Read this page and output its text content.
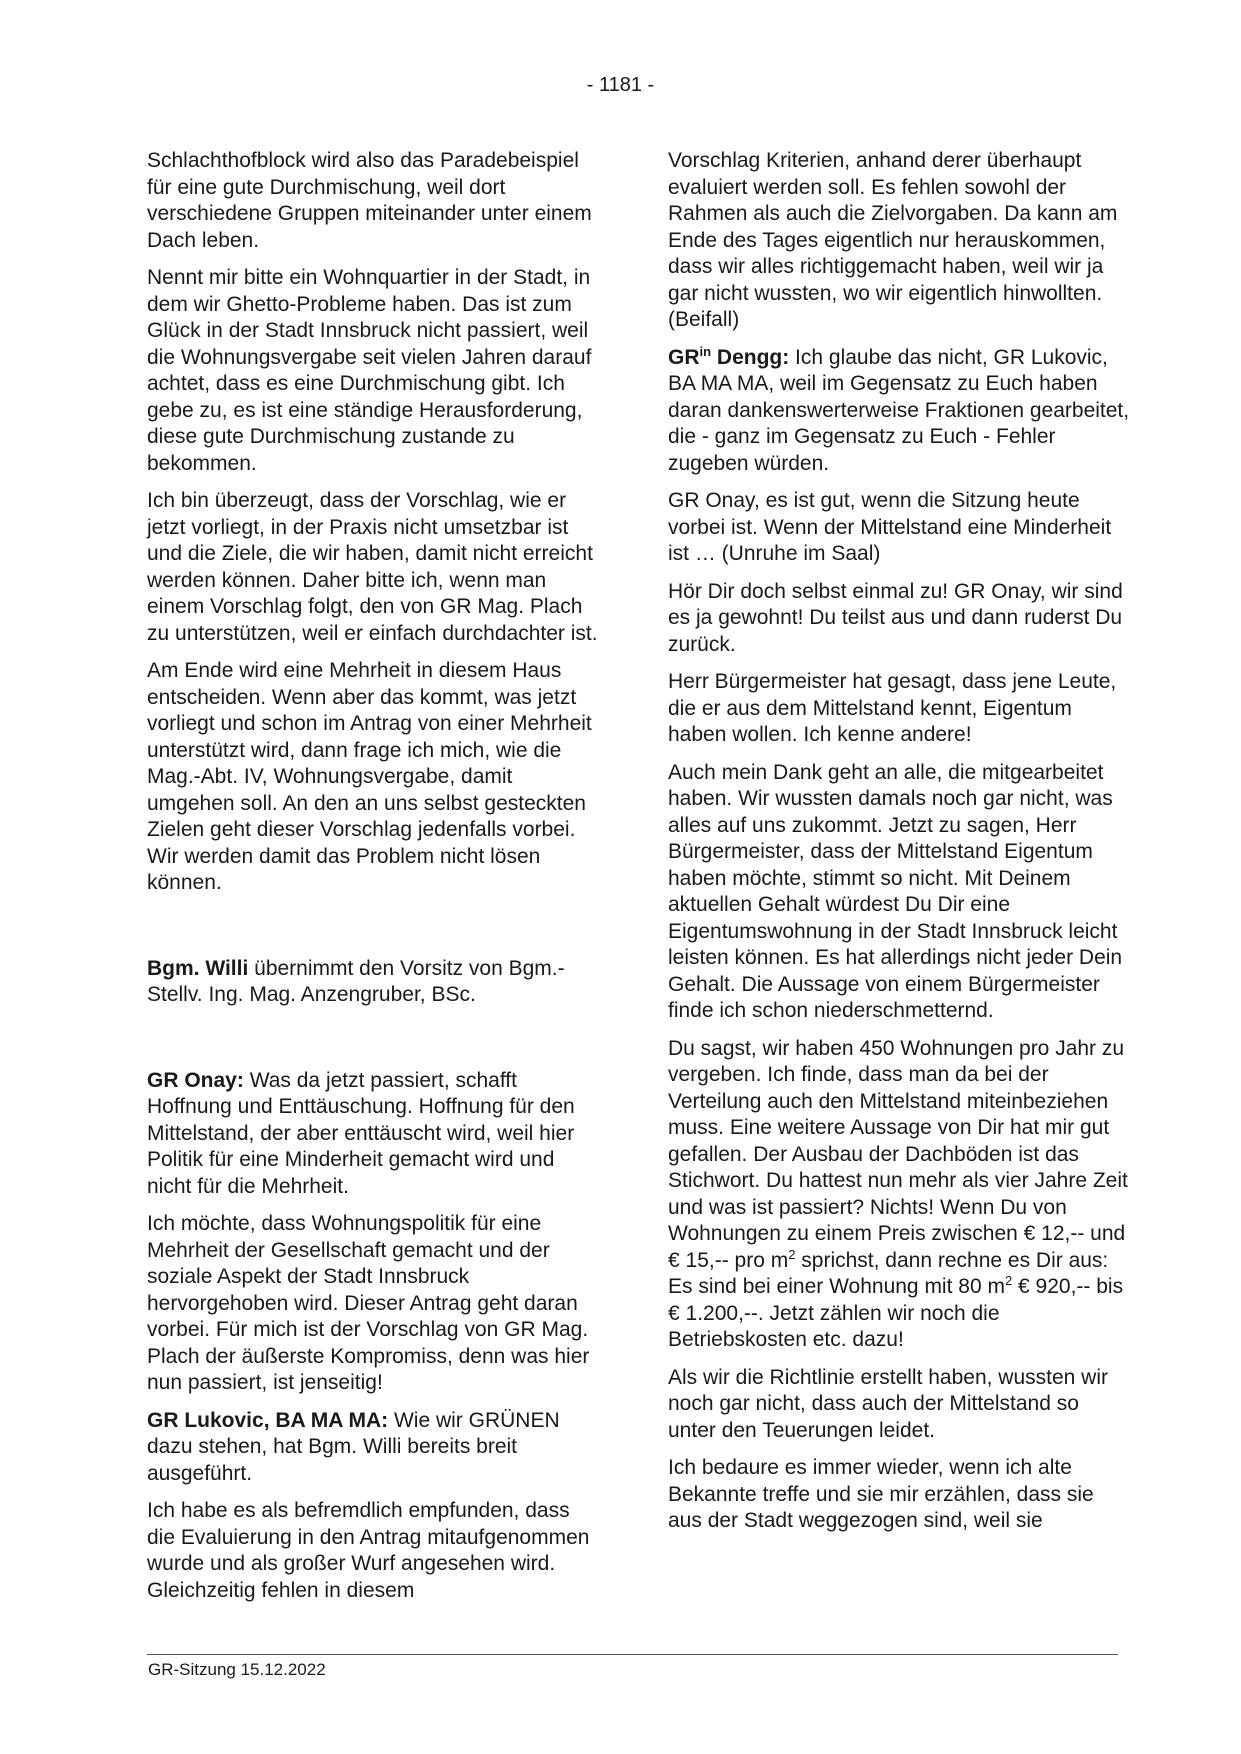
- 1181 -

Schlachthofblock wird also das Paradebeispiel für eine gute Durchmischung, weil dort verschiedene Gruppen miteinander unter einem Dach leben.

Nennt mir bitte ein Wohnquartier in der Stadt, in dem wir Ghetto-Probleme haben. Das ist zum Glück in der Stadt Innsbruck nicht passiert, weil die Wohnungsvergabe seit vielen Jahren darauf achtet, dass es eine Durchmischung gibt. Ich gebe zu, es ist eine ständige Herausforderung, diese gute Durchmischung zustande zu bekommen.

Ich bin überzeugt, dass der Vorschlag, wie er jetzt vorliegt, in der Praxis nicht umsetzbar ist und die Ziele, die wir haben, damit nicht erreicht werden können. Daher bitte ich, wenn man einem Vorschlag folgt, den von GR Mag. Plach zu unterstützen, weil er einfach durchdachter ist.

Am Ende wird eine Mehrheit in diesem Haus entscheiden. Wenn aber das kommt, was jetzt vorliegt und schon im Antrag von einer Mehrheit unterstützt wird, dann frage ich mich, wie die Mag.-Abt. IV, Wohnungsvergabe, damit umgehen soll. An den an uns selbst gesteckten Zielen geht dieser Vorschlag jedenfalls vorbei. Wir werden damit das Problem nicht lösen können.

Bgm. Willi übernimmt den Vorsitz von Bgm.-Stellv. Ing. Mag. Anzengruber, BSc.

GR Onay: Was da jetzt passiert, schafft Hoffnung und Enttäuschung. Hoffnung für den Mittelstand, der aber enttäuscht wird, weil hier Politik für eine Minderheit gemacht wird und nicht für die Mehrheit.

Ich möchte, dass Wohnungspolitik für eine Mehrheit der Gesellschaft gemacht und der soziale Aspekt der Stadt Innsbruck hervorgehoben wird. Dieser Antrag geht daran vorbei. Für mich ist der Vorschlag von GR Mag. Plach der äußerste Kompromiss, denn was hier nun passiert, ist jenseitig!

GR Lukovic, BA MA MA: Wie wir GRÜNEN dazu stehen, hat Bgm. Willi bereits breit ausgeführt.

Ich habe es als befremdlich empfunden, dass die Evaluierung in den Antrag mitaufgenommen wurde und als großer Wurf angesehen wird. Gleichzeitig fehlen in diesem

Vorschlag Kriterien, anhand derer überhaupt evaluiert werden soll. Es fehlen sowohl der Rahmen als auch die Zielvorgaben. Da kann am Ende des Tages eigentlich nur herauskommen, dass wir alles richtiggemacht haben, weil wir ja gar nicht wussten, wo wir eigentlich hinwollten. (Beifall)

$GR^{in}$ Dengg: Ich glaube das nicht, GR Lukovic, BA MA MA, weil im Gegensatz zu Euch haben daran dankenswerterweise Fraktionen gearbeitet, die - ganz im Gegensatz zu Euch - Fehler zugeben würden.

GR Onay, es ist gut, wenn die Sitzung heute vorbei ist. Wenn der Mittelstand eine Minderheit ist … (Unruhe im Saal)

Hör Dir doch selbst einmal zu! GR Onay, wir sind es ja gewohnt! Du teilst aus und dann ruderst Du zurück.

Herr Bürgermeister hat gesagt, dass jene Leute, die er aus dem Mittelstand kennt, Eigentum haben wollen. Ich kenne andere!

Auch mein Dank geht an alle, die mitgearbeitet haben. Wir wussten damals noch gar nicht, was alles auf uns zukommt. Jetzt zu sagen, Herr Bürgermeister, dass der Mittelstand Eigentum haben möchte, stimmt so nicht. Mit Deinem aktuellen Gehalt würdest Du Dir eine Eigentumswohnung in der Stadt Innsbruck leicht leisten können. Es hat allerdings nicht jeder Dein Gehalt. Die Aussage von einem Bürgermeister finde ich schon niederschmetternd.

Du sagst, wir haben 450 Wohnungen pro Jahr zu vergeben. Ich finde, dass man da bei der Verteilung auch den Mittelstand miteinbeziehen muss. Eine weitere Aussage von Dir hat mir gut gefallen. Der Ausbau der Dachböden ist das Stichwort. Du hattest nun mehr als vier Jahre Zeit und was ist passiert? Nichts! Wenn Du von Wohnungen zu einem Preis zwischen € 12,-- und € 15,-- pro $m^2$ sprichst, dann rechne es Dir aus: Es sind bei einer Wohnung mit 80 $m^2$ € 920,-- bis € 1.200,--. Jetzt zählen wir noch die Betriebskosten etc. dazu!

Als wir die Richtlinie erstellt haben, wussten wir noch gar nicht, dass auch der Mittelstand so unter den Teuerungen leidet.

Ich bedaure es immer wieder, wenn ich alte Bekannte treffe und sie mir erzählen, dass sie aus der Stadt weggezogen sind, weil sie

GR-Sitzung 15.12.2022
